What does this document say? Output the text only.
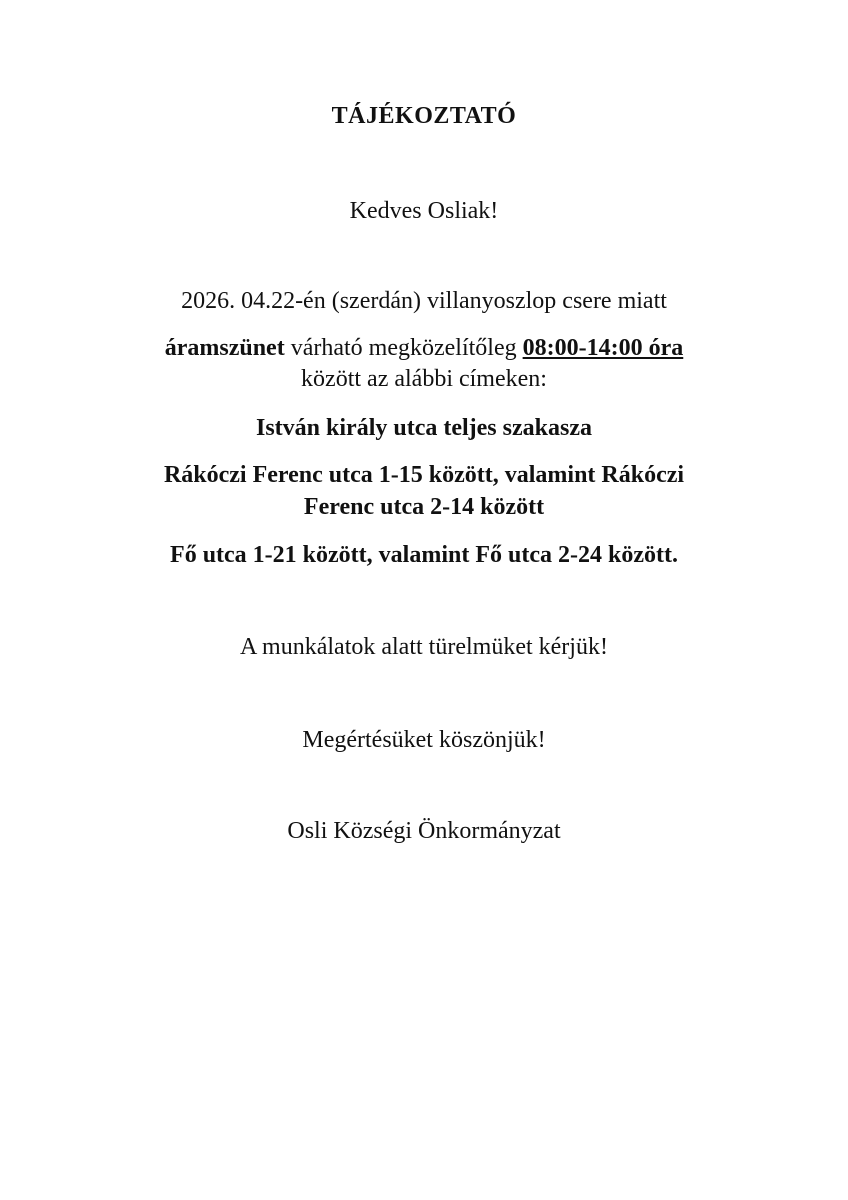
TÁJÉKOZTATÓ
Kedves Osliak!
2026. 04.22-én (szerdán) villanyoszlop csere miatt
áramszünet várható megközelítőleg 08:00-14:00 óra
között az alábbi címeken:
István király utca teljes szakasza
Rákóczi Ferenc utca 1-15 között, valamint Rákóczi
Ferenc utca 2-14 között
Fő utca 1-21 között, valamint Fő utca 2-24 között.
A munkálatok alatt türelmüket kérjük!
Megértésüket köszönjük!
Osli Községi Önkormányzat
